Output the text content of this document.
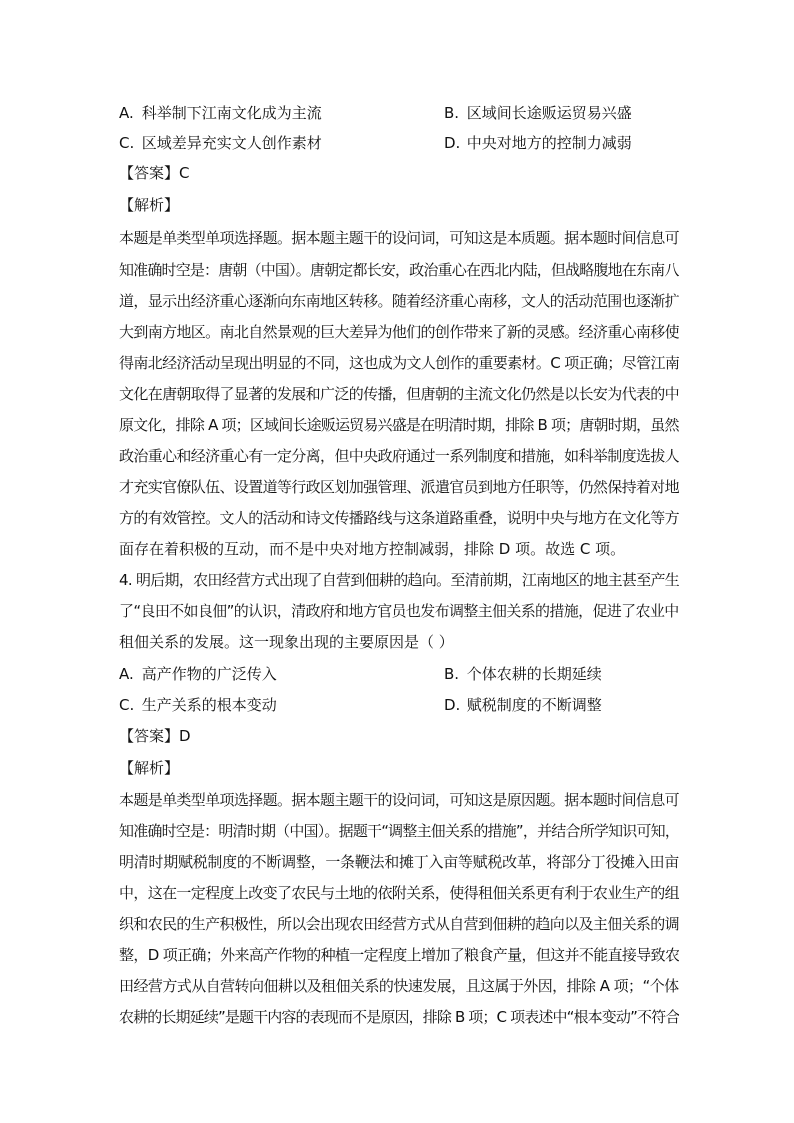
A. 科举制下江南文化成为主流	B. 区域间长途贩运贸易兴盛
C. 区域差异充实文人创作素材	D. 中央对地方的控制力减弱
【答案】C
【解析】
本题是单类型单项选择题。据本题主题干的设问词，可知这是本质题。据本题时间信息可
知准确时空是：唐朝（中国）。唐朝定都长安，政治重心在西北内陆，但战略腹地在东南八
道，显示出经济重心逐渐向东南地区转移。随着经济重心南移，文人的活动范围也逐渐扩
大到南方地区。南北自然景观的巨大差异为他们的创作带来了新的灵感。经济重心南移使
得南北经济活动呈现出明显的不同，这也成为文人创作的重要素材。C 项正确；尽管江南
文化在唐朝取得了显著的发展和广泛的传播，但唐朝的主流文化仍然是以长安为代表的中
原文化，排除 A 项；区域间长途贩运贸易兴盛是在明清时期，排除 B 项；唐朝时期，虽然
政治重心和经济重心有一定分离，但中央政府通过一系列制度和措施，如科举制度选拔人
才充实官僚队伍、设置道等行政区划加强管理、派遣官员到地方任职等，仍然保持着对地
方的有效管控。文人的活动和诗文传播路线与这条道路重叠，说明中央与地方在文化等方
面存在着积极的互动，而不是中央对地方控制减弱，排除 D 项。故选 C 项。
4. 明后期，农田经营方式出现了自营到佃耕的趋向。至清前期，江南地区的地主甚至产生
了“良田不如良佃”的认识，清政府和地方官员也发布调整主佃关系的措施，促进了农业中
租佃关系的发展。这一现象出现的主要原因是（ ）
A. 高产作物的广泛传入	B. 个体农耕的长期延续
C. 生产关系的根本变动	D. 赋税制度的不断调整
【答案】D
【解析】
本题是单类型单项选择题。据本题主题干的设问词，可知这是原因题。据本题时间信息可
知准确时空是：明清时期（中国）。据题干“调整主佃关系的措施”，并结合所学知识可知，
明清时期赋税制度的不断调整，一条鞭法和摊丁入亩等赋税改革，将部分丁役摊入田亩
中，这在一定程度上改变了农民与土地的依附关系，使得租佃关系更有利于农业生产的组
织和农民的生产积极性，所以会出现农田经营方式从自营到佃耕的趋向以及主佃关系的调
整，D 项正确；外来高产作物的种植一定程度上增加了粮食产量，但这并不能直接导致农
田经营方式从自营转向佃耕以及租佃关系的快速发展，且这属于外因，排除 A 项；“个体
农耕的长期延续”是题干内容的表现而不是原因，排除 B 项；C 项表述中“根本变动”不符合
